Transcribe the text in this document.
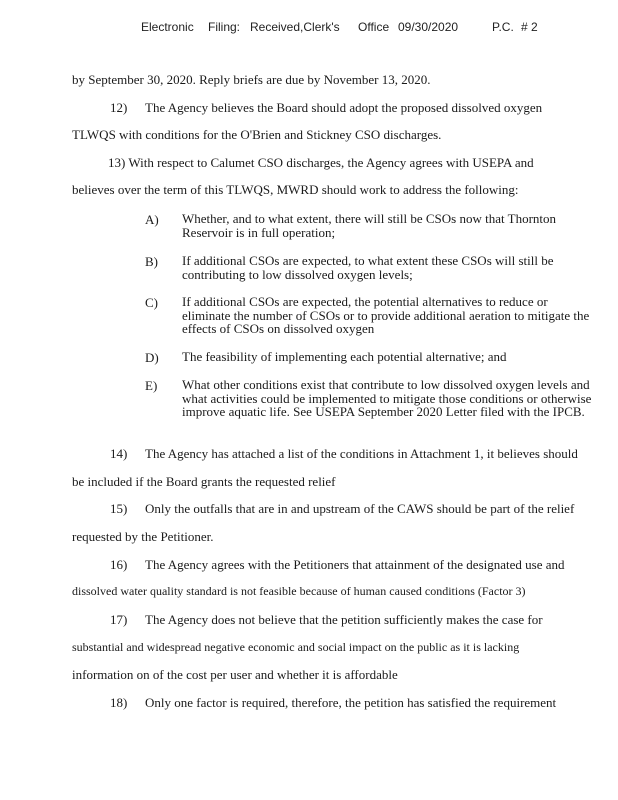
Electronic Filing: Received,Clerk's Office 09/30/2020	P.C. # 2
by September 30, 2020. Reply briefs are due by November 13, 2020.
12) The Agency believes the Board should adopt the proposed dissolved oxygen
TLWQS with conditions for the O'Brien and Stickney CSO discharges.
13) With respect to Calumet CSO discharges, the Agency agrees with USEPA and
believes over the term of this TLWQS, MWRD should work to address the following:
A) Whether, and to what extent, there will still be CSOs now that Thornton Reservoir is in full operation;
B) If additional CSOs are expected, to what extent these CSOs will still be contributing to low dissolved oxygen levels;
C) If additional CSOs are expected, the potential alternatives to reduce or eliminate the number of CSOs or to provide additional aeration to mitigate the effects of CSOs on dissolved oxygen
D) The feasibility of implementing each potential alternative; and
E) What other conditions exist that contribute to low dissolved oxygen levels and what activities could be implemented to mitigate those conditions or otherwise improve aquatic life. See USEPA September 2020 Letter filed with the IPCB.
14) The Agency has attached a list of the conditions in Attachment 1, it believes should
be included if the Board grants the requested relief
15) Only the outfalls that are in and upstream of the CAWS should be part of the relief
requested by the Petitioner.
16) The Agency agrees with the Petitioners that attainment of the designated use and
dissolved water quality standard is not feasible because of human caused conditions (Factor 3)
17) The Agency does not believe that the petition sufficiently makes the case for
substantial and widespread negative economic and social impact on the public as it is lacking
information on of the cost per user and whether it is affordable
18) Only one factor is required, therefore, the petition has satisfied the requirement
